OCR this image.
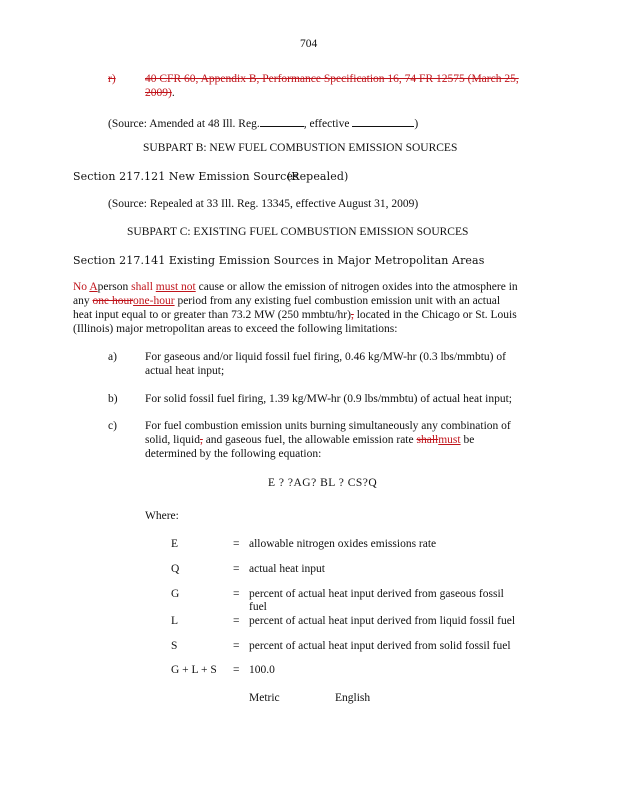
704
r)	40 CFR 60, Appendix B, Performance Specification 16, 74 FR 12575 (March 25,
2009).
(Source: Amended at 48 Ill. Reg.	, effective	)
SUBPART B: NEW FUEL COMBUSTION EMISSION SOURCES
Section 217.121 New Emission Sources(Repealed)
(Source: Repealed at 33 Ill. Reg. 13345, effective August 31, 2009)
SUBPART C: EXISTING FUEL COMBUSTION EMISSION SOURCES
Section 217.141 Existing Emission Sources in Major Metropolitan Areas
No Aperson shall must not cause or allow the emission of nitrogen oxides into the atmosphere in
any one hourone-hour period from any existing fuel combustion emission unit with an actual
heat input equal to or greater than 73.2 MW (250 mmbtu/hr), located in the Chicago or St. Louis
(Illinois) major metropolitan areas to exceed the following limitations:
a) For gaseous and/or liquid fossil fuel firing, 0.46 kg/MW-hr (0.3 lbs/mmbtu) of
actual heat input;
b) For solid fossil fuel firing, 1.39 kg/MW-hr (0.9 lbs/mmbtu) of actual heat input;
c) For fuel combustion emission units burning simultaneously any combination of
solid, liquid, and gaseous fuel, the allowable emission rate shallmust be
determined by the following equation:
E ? ?AG? BL ? CS?Q
Where:
E	= allowable nitrogen oxides emissions rate
Q	= actual heat input
G	= percent of actual heat input derived from gaseous fossil
fuel
L	= percent of actual heat input derived from liquid fossil fuel
S	= percent of actual heat input derived from solid fossil fuel
G + L + S = 100.0
Metric	English
